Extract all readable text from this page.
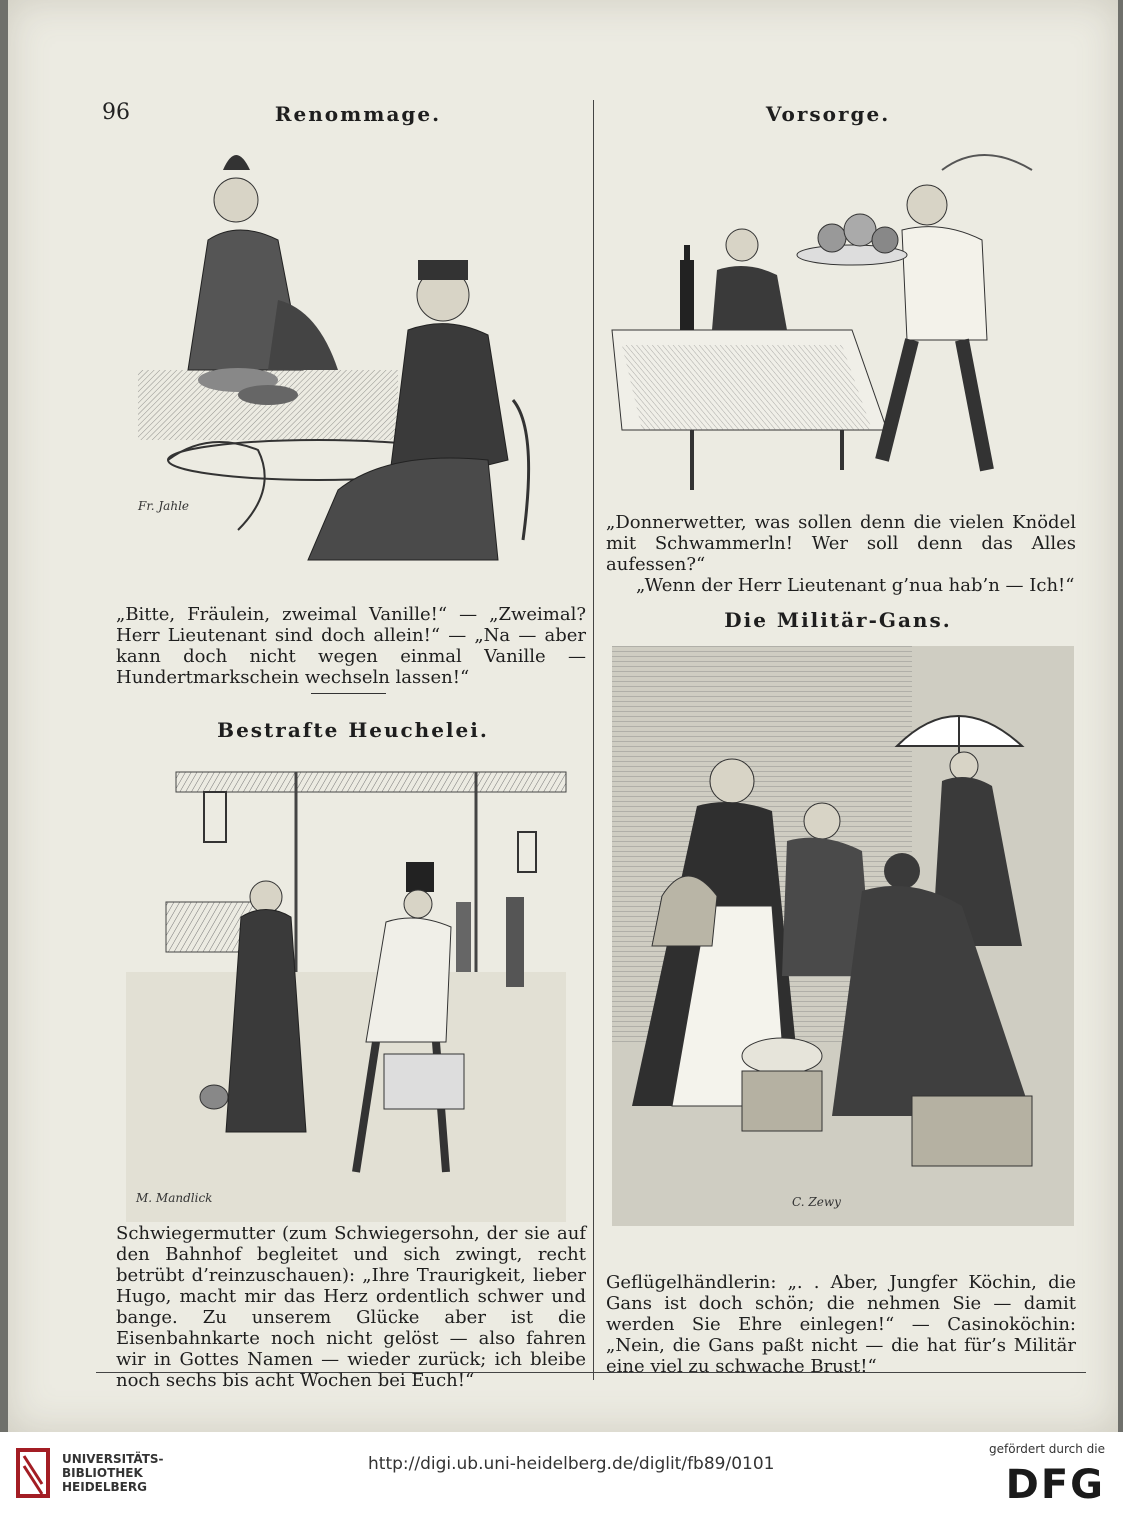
96	Renommage.
Fr. Jahle

„Bitte, Fräulein, zweimal Vanille!“ — „Zweimal? Herr Lieutenant sind doch allein!“ — „Na — aber kann doch nicht wegen einmal Vanille — Hundertmarkschein wechseln lassen!“

Bestrafte Heuchelei.
M. Mandlick

Schwiegermutter (zum Schwiegersohn, der sie auf den Bahnhof begleitet und sich zwingt, recht betrübt d’reinzuschauen): „Ihre Traurigkeit, lieber Hugo, macht mir das Herz ordentlich schwer und bange. Zu unserem Glücke aber ist die Eisenbahnkarte noch nicht gelöst — also fahren wir in Gottes Namen — wieder zurück; ich bleibe noch sechs bis acht Wochen bei Euch!“

Vorsorge.

„Donnerwetter, was sollen denn die vielen Knödel mit Schwammerln! Wer soll denn das Alles aufessen?“

„Wenn der Herr Lieutenant g’nua hab’n — Ich!“

Die Militär-Gans.
C. Zewy

Geflügelhändlerin: „. . Aber, Jungfer Köchin, die Gans ist doch schön; die nehmen Sie — damit werden Sie Ehre einlegen!“ — Casinoköchin: „Nein, die Gans paßt nicht — die hat für’s Militär eine viel zu schwache Brust!“

UNIVERSITÄTS-
BIBLIOTHEK
HEIDELBERG
http://digi.ub.uni-heidelberg.de/diglit/fb89/0101
gefördert durch die
DFG
